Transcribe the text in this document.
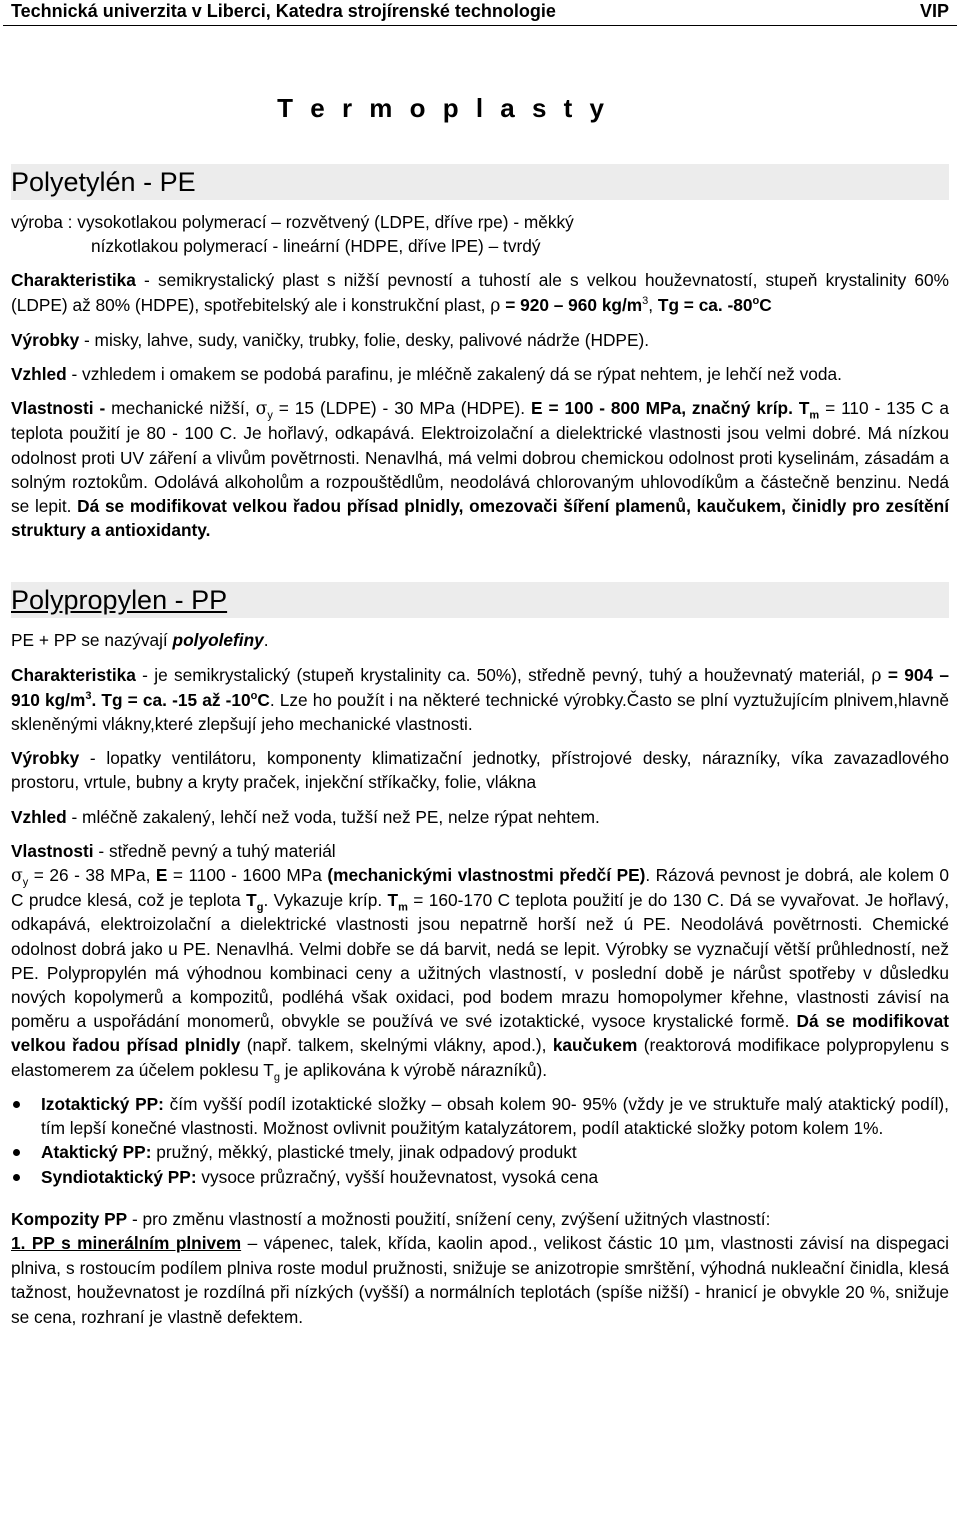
Technická univerzita v Liberci, Katedra strojírenské technologie	VIP
T e r m o p l a s t y
Polyetylén - PE

výroba : vysokotlakou polymerací – rozvětvený (LDPE, dříve rpe) - měkký

nízkotlakou polymerací - lineární (HDPE, dříve lPE) – tvrdý

Charakteristika - semikrystalický plast s nižší pevností a tuhostí ale s velkou houževnatostí, stupeň krystalinity 60% (LDPE) až 80% (HDPE), spotřebitelský ale i konstrukční plast, ρ = 920 – 960 $kg/m^3$, Tg = ca. -80$^o$C

Výrobky - misky, lahve, sudy, vaničky, trubky, folie, desky, palivové nádrže (HDPE).

Vzhled - vzhledem i omakem se podobá parafinu, je mléčně zakalený dá se rýpat nehtem, je lehčí než voda.

Vlastnosti - mechanické nižší, $\sigma_y = 15$ (LDPE) - 30 MPa (HDPE). E = 100 - 800 MPa, značný kríp. $T_m = 110 - 135$ C a teplota použití je 80 - 100 C. Je hořlavý, odkapává. Elektroizolační a dielektrické vlastnosti jsou velmi dobré. Má nízkou odolnost proti UV záření a vlivům povětrnosti. Nenavlhá, má velmi dobrou chemickou odolnost proti kyselinám, zásadám a solným roztokům. Odolává alkoholům a rozpouštědlům, neodolává chlorovaným uhlovodíkům a částečně benzinu. Nedá se lepit. Dá se modifikovat velkou řadou přísad plnidly, omezovači šíření plamenů, kaučukem, činidly pro zesítění struktury a antioxidanty.

Polypropylen - PP

PE + PP se nazývají polyolefiny.

Charakteristika - je semikrystalický (stupeň krystalinity ca. 50%), středně pevný, tuhý a houževnatý materiál, ρ = 904 – 910 $kg/m^3$. Tg = ca. -15 až -10$^o$C. Lze ho použít i na některé technické výrobky.Často se plní vyztužujícím plnivem,hlavně skleněnými vlákny,které zlepšují jeho mechanické vlastnosti.

Výrobky - lopatky ventilátoru, komponenty klimatizační jednotky, přístrojové desky, nárazníky, víka zavazadlového prostoru, vrtule, bubny a kryty praček, injekční stříkačky, folie, vlákna

Vzhled - mléčně zakalený, lehčí než voda, tužší než PE, nelze rýpat nehtem.

Vlastnosti - středně pevný a tuhý materiál

$\sigma_y = 26 - 38$ MPa, E = 1100 - 1600 MPa (mechanickými vlastnostmi předčí PE). Rázová pevnost je dobrá, ale kolem 0 C prudce klesá, což je teplota $T_g$. Vykazuje kríp. $T_m = 160-170$ C teplota použití je do 130 C. Dá se vyvařovat. Je hořlavý, odkapává, elektroizolační a dielektrické vlastnosti jsou nepatrně horší než ú PE. Neodolává povětrnosti. Chemické odolnost dobrá jako u PE. Nenavlhá. Velmi dobře se dá barvit, nedá se lepit. Výrobky se vyznačují větší průhledností, než PE. Polypropylén má výhodnou kombinaci ceny a užitných vlastností, v poslední době je nárůst spotřeby v důsledku nových kopolymerů a kompozitů, podléhá však oxidaci, pod bodem mrazu homopolymer křehne, vlastnosti závisí na poměru a uspořádání monomerů, obvykle se používá ve své izotaktické, vysoce krystalické formě. Dá se modifikovat velkou řadou přísad plnidly (např. talkem, skelnými vlákny, apod.), kaučukem (reaktorová modifikace polypropylenu s elastomerem za účelem poklesu $T_g$ je aplikována k výrobě nárazníků).

Izotaktický PP: čím vyšší podíl izotaktické složky – obsah kolem 90- 95% (vždy je ve struktuře malý ataktický podíl), tím lepší konečné vlastnosti. Možnost ovlivnit použitým katalyzátorem, podíl ataktické složky potom kolem 1%.
Ataktický PP: pružný, měkký, plastické tmely, jinak odpadový produkt
Syndiotaktický PP: vysoce průzračný, vyšší houževnatost, vysoká cena

Kompozity PP - pro změnu vlastností a možnosti použití, snížení ceny, zvýšení užitných vlastností:

1. PP s minerálním plnivem – vápenec, talek, křída, kaolin apod., velikost částic 10 μm, vlastnosti závisí na dispegaci plniva, s rostoucím podílem plniva roste modul pružnosti, snižuje se anizotropie smrštění, výhodná nukleační činidla, klesá tažnost, houževnatost je rozdílná při nízkých (vyšší) a normálních teplotách (spíše nižší) - hranicí je obvykle 20 %, snižuje se cena, rozhraní je vlastně defektem.
